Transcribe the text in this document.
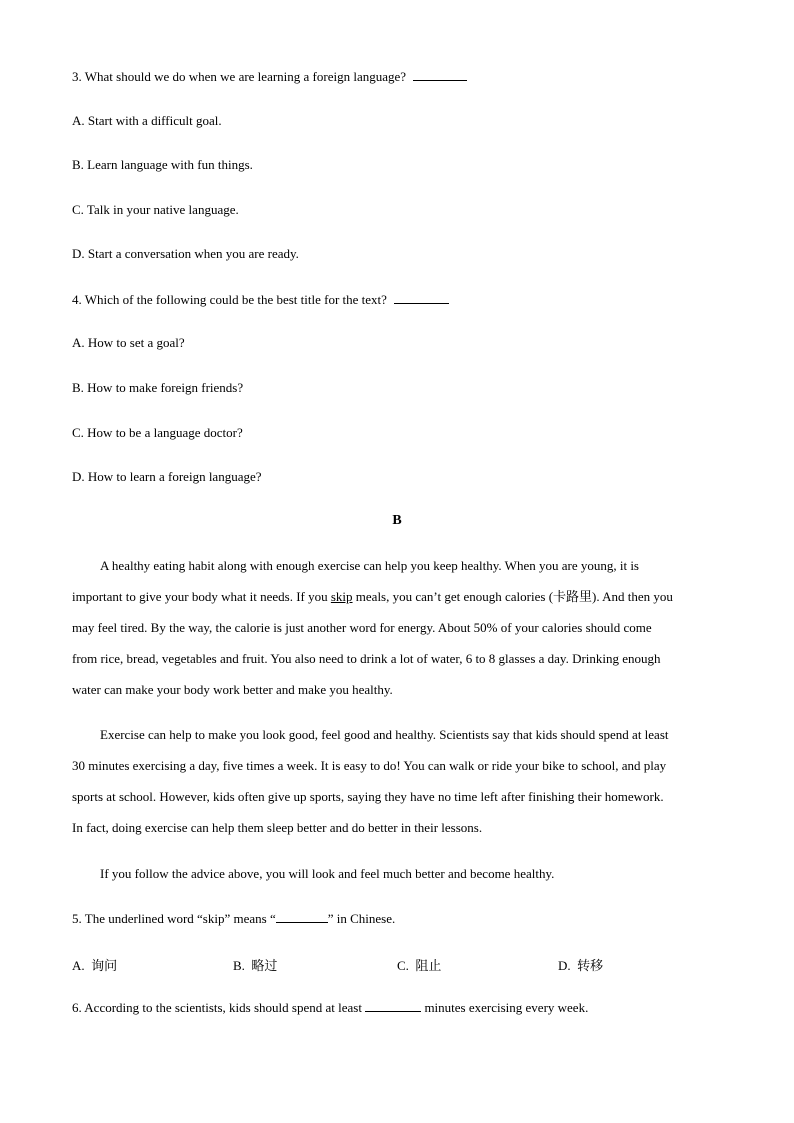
3. What should we do when we are learning a foreign language?
A. Start with a difficult goal.
B. Learn language with fun things.
C. Talk in your native language.
D. Start a conversation when you are ready.
4. Which of the following could be the best title for the text?
A. How to set a goal?
B. How to make foreign friends?
C. How to be a language doctor?
D. How to learn a foreign language?
B
A healthy eating habit along with enough exercise can help you keep healthy. When you are young, it is
important to give your body what it needs. If you skip meals, you can’t get enough calories (卡路里). And then you
may feel tired. By the way, the calorie is just another word for energy. About 50% of your calories should come
from rice, bread, vegetables and fruit. You also need to drink a lot of water, 6 to 8 glasses a day. Drinking enough
water can make your body work better and make you healthy.
Exercise can help to make you look good, feel good and healthy. Scientists say that kids should spend at least
30 minutes exercising a day, five times a week. It is easy to do! You can walk or ride your bike to school, and play
sports at school. However, kids often give up sports, saying they have no time left after finishing their homework.
In fact, doing exercise can help them sleep better and do better in their lessons.
If you follow the advice above, you will look and feel much better and become healthy.
5. The underlined word “skip” means “	” in Chinese.
A. 询问	B. 略过	C. 阻止	D. 转移
6. According to the scientists, kids should spend at least	minutes exercising every week.
